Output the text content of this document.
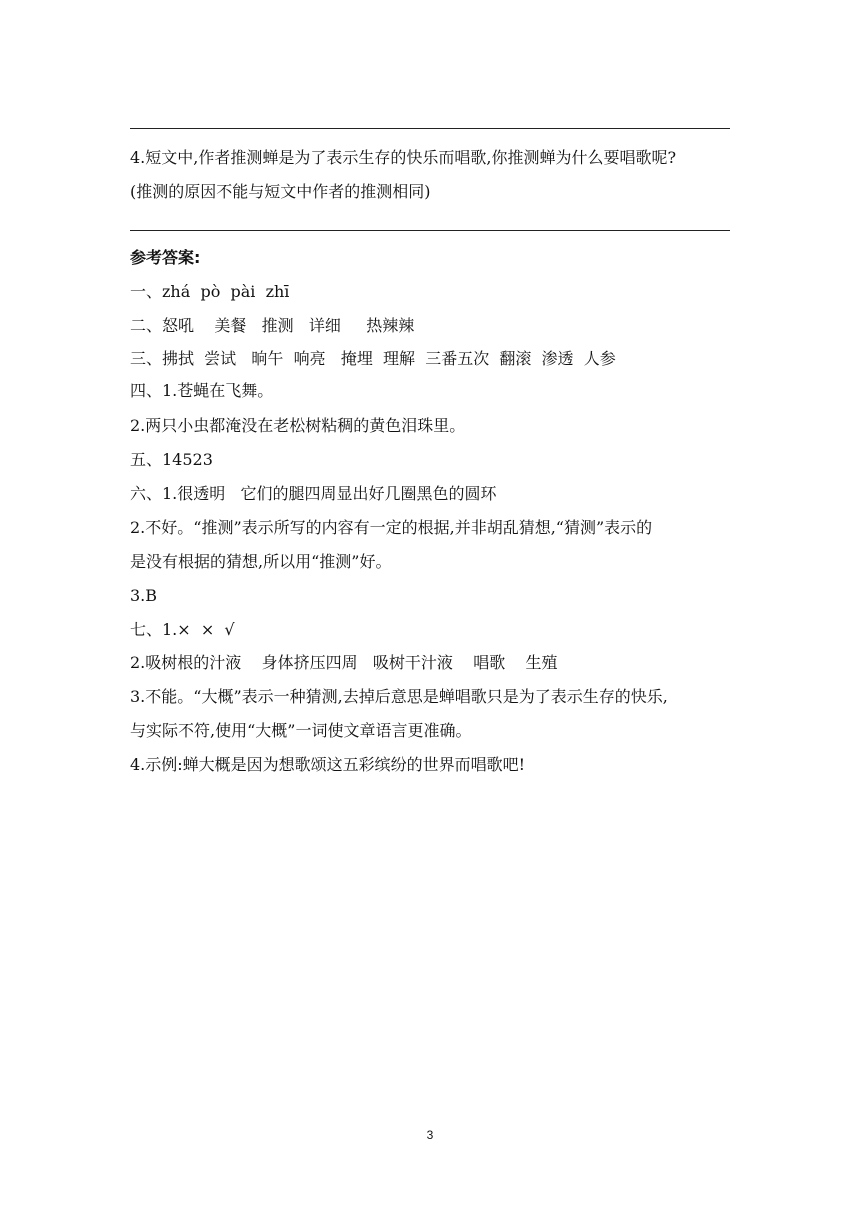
4.短文中,作者推测蝉是为了表示生存的快乐而唱歌,你推测蝉为什么要唱歌呢?
(推测的原因不能与短文中作者的推测相同)
参考答案:
一、zhá  pò  pài  zhī
二、怒吼    美餐   推测   详细     热辣辣
三、拂拭  尝试   晌午  响亮   掩埋  理解  三番五次  翻滚  渗透  人参
四、1.苍蝇在飞舞。
2.两只小虫都淹没在老松树粘稠的黄色泪珠里。
五、14523
六、1.很透明   它们的腿四周显出好几圈黑色的圆环
2.不好。“推测”表示所写的内容有一定的根据,并非胡乱猜想,“猜测”表示的
是没有根据的猜想,所以用“推测”好。
3.B
七、1.×  ×  √
2.吸树根的汁液    身体挤压四周   吸树干汁液    唱歌    生殖
3.不能。“大概”表示一种猜测,去掉后意思是蝉唱歌只是为了表示生存的快乐,
与实际不符,使用“大概”一词使文章语言更准确。
4.示例:蝉大概是因为想歌颂这五彩缤纷的世界而唱歌吧!
3
